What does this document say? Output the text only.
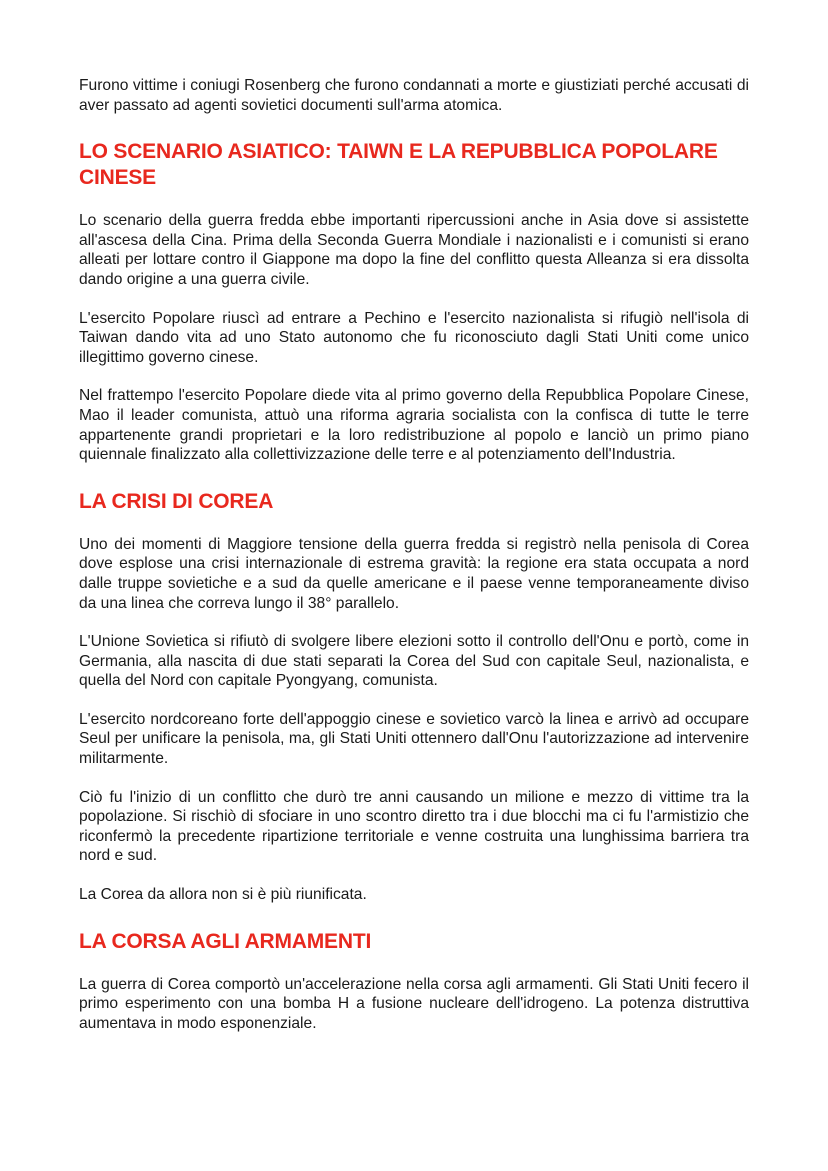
Furono vittime i coniugi Rosenberg che furono condannati a morte e giustiziati perché accusati di aver passato ad agenti sovietici documenti sull'arma atomica.

LO SCENARIO ASIATICO: TAIWN E LA REPUBBLICA POPOLARE CINESE

Lo scenario della guerra fredda ebbe importanti ripercussioni anche in Asia dove si assistette all'ascesa della Cina. Prima della Seconda Guerra Mondiale i nazionalisti e i comunisti si erano alleati per lottare contro il Giappone ma dopo la fine del conflitto questa Alleanza si era dissolta dando origine a una guerra civile.

L'esercito Popolare riuscì ad entrare a Pechino e l'esercito nazionalista si rifugiò nell'isola di Taiwan dando vita ad uno Stato autonomo che fu riconosciuto dagli Stati Uniti come unico illegittimo governo cinese.

Nel frattempo l'esercito Popolare diede vita al primo governo della Repubblica Popolare Cinese, Mao il leader comunista, attuò una riforma agraria socialista con la confisca di tutte le terre appartenente grandi proprietari e la loro redistribuzione al popolo e lanciò un primo piano quiennale finalizzato alla collettivizzazione delle terre e al potenziamento dell'Industria.

LA CRISI DI COREA

Uno dei momenti di Maggiore tensione della guerra fredda si registrò nella penisola di Corea dove esplose una crisi internazionale di estrema gravità: la regione era stata occupata a nord dalle truppe sovietiche e a sud da quelle americane e il paese venne temporaneamente diviso da una linea che correva lungo il 38° parallelo.

L'Unione Sovietica si rifiutò di svolgere libere elezioni sotto il controllo dell'Onu e portò, come in Germania, alla nascita di due stati separati la Corea del Sud con capitale Seul, nazionalista, e quella del Nord con capitale Pyongyang, comunista.

L'esercito nordcoreano forte dell'appoggio cinese e sovietico varcò la linea e arrivò ad occupare Seul per unificare la penisola, ma, gli Stati Uniti ottennero dall'Onu l'autorizzazione ad intervenire militarmente.

Ciò fu l'inizio di un conflitto che durò tre anni causando un milione e mezzo di vittime tra la popolazione. Si rischiò di sfociare in uno scontro diretto tra i due blocchi ma ci fu l'armistizio che riconfermò la precedente ripartizione territoriale e venne costruita una lunghissima barriera tra nord e sud.

La Corea da allora non si è più riunificata.

LA CORSA AGLI ARMAMENTI

La guerra di Corea comportò un'accelerazione nella corsa agli armamenti. Gli Stati Uniti fecero il primo esperimento con una bomba H a fusione nucleare dell'idrogeno. La potenza distruttiva aumentava in modo esponenziale.
